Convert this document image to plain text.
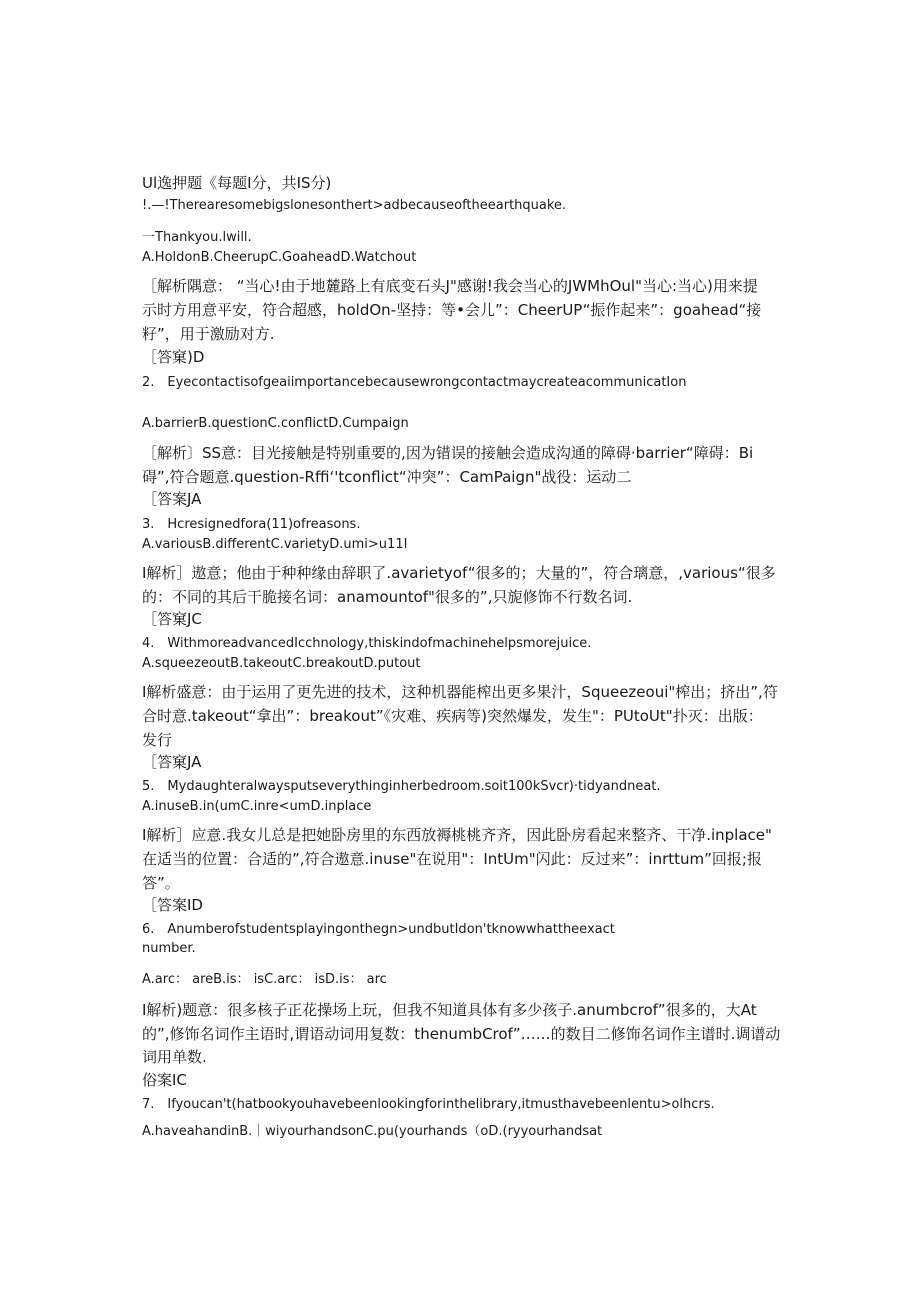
Ul逸押题《每题I分，共IS分)
!.—!Therearesomebigslonesonthert>adbecauseoftheearthquake.
一Thankyou.lwill.
A.HoldonB.CheerupC.GoaheadD.Watchout
［解析隅意： “当心!由于地麓路上有底变石头J"感谢!我会当心的JWMhOul"当心:当心)用来提
示时方用意平安，符合超感，holdOn-坚持：等•会儿”：CheerUP“振作起来”：goahead“接
籽”，用于激励对方.
［答窠)D
2.　EyecontactisofgeaiimportancebecausewrongcontactmaycreateacommunicatIon
A.barrierB.questionC.conflictD.Cumpaign
［解析〕SS意：目光接触是特别重要的,因为错误的接触会造成沟通的障碍·barrier“障碍：Bi
碍”,符合题意.question-Rffi‘'tconflict“冲突”：CamPaign"战役：运动二
［答案JA
3.　Hcresignedfora(11)ofreasons.
A.variousB.differentC.varietyD.umi>u11I
I解析］遨意；他由于种种缘由辞职了.avarietyof“很多的；大量的”，符合璃意，,various“很多
的：不同的其后干脆接名词：anamountof"很多的”,只旎修饰不行数名词.
［答窠JC
4.　WithmoreadvancedIcchnology,thiskindofmachinehelpsmorejuice.
A.squeezeoutB.takeoutC.breakoutD.putout
I解析盛意：由于运用了更先进的技术，这种机器能榨出更多果汁，Squeezeoui"榨出；挤出”,符
合时意.takeout“拿出”：breakout”《灾难、疾病等)突然爆发，发生"：PUtoUt"扑灭：出版：
发行
［答窠JA
5.　Mydaughteralwaysputseverythinginherbedroom.soit100kSvcr)·tidyandneat.
A.inuseB.in(umC.inre<umD.inplace
I解析］应意.我女儿总是把她卧房里的东西放褥桃桃齐齐，因此卧房看起来整齐、干净.inplace"
在适当的位置：合适的”,符合遨意.inuse"在说用"：IntUm"闪此：反过来”：inrttum”回报;报
答”。
［答案ID
6.　Anumberofstudentsplayingonthegn>undbutIdon'tknowwhattheexact
number.
A.arc： areB.is： isC.arc： isD.is： arc
I解析)题意：很多核子正花操场上玩，但我不知道具体有多少孩子.anumbcrof”很多的，大At
的”,修饰名词作主语时,谓语动词用复数：thenumbCrof”……的数目二修饰名词作主谱时.调谱动
词用单数.
俗案IC
7.　Ifyoucan't(hatbookyouhavebeenlookingforinthelibrary,itmusthavebeenlentu>olhcrs.
A.haveahandinB.｜wiyourhandsonC.pu(yourhands（oD.(ryyourhandsat
